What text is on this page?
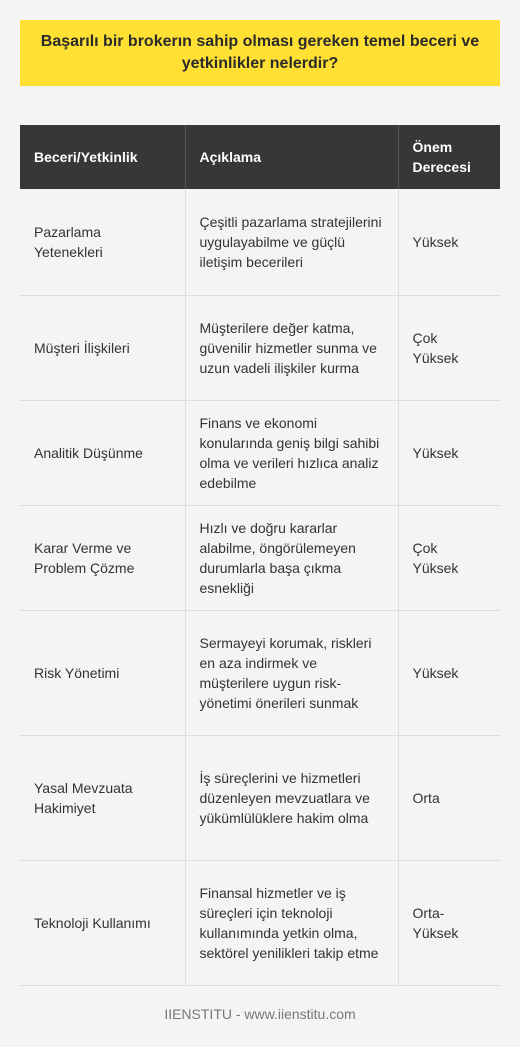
Başarılı bir brokerın sahip olması gereken temel beceri ve yetkinlikler nelerdir?
Beceri/Yetkinlik	Açıklama	Önem Derecesi
Pazarlama Yetenekleri	Çeşitli pazarlama stratejilerini uygulayabilme ve güçlü iletişim becerileri	Yüksek
Müşteri İlişkileri	Müşterilere değer katma, güvenilir hizmetler sunma ve uzun vadeli ilişkiler kurma	Çok Yüksek
Analitik Düşünme	Finans ve ekonomi konularında geniş bilgi sahibi olma ve verileri hızlıca analiz edebilme	Yüksek
Karar Verme ve Problem Çözme	Hızlı ve doğru kararlar alabilme, öngörülemeyen durumlarla başa çıkma esnekliği	Çok Yüksek
Risk Yönetimi	Sermayeyi korumak, riskleri en aza indirmek ve müşterilere uygun risk-yönetimi önerileri sunmak	Yüksek
Yasal Mevzuata Hakimiyet	İş süreçlerini ve hizmetleri düzenleyen mevzuatlara ve yükümlülüklere hakim olma	Orta
Teknoloji Kullanımı	Finansal hizmetler ve iş süreçleri için teknoloji kullanımında yetkin olma, sektörel yenilikleri takip etme	Orta-Yüksek
IIENSTITU - www.iienstitu.com
